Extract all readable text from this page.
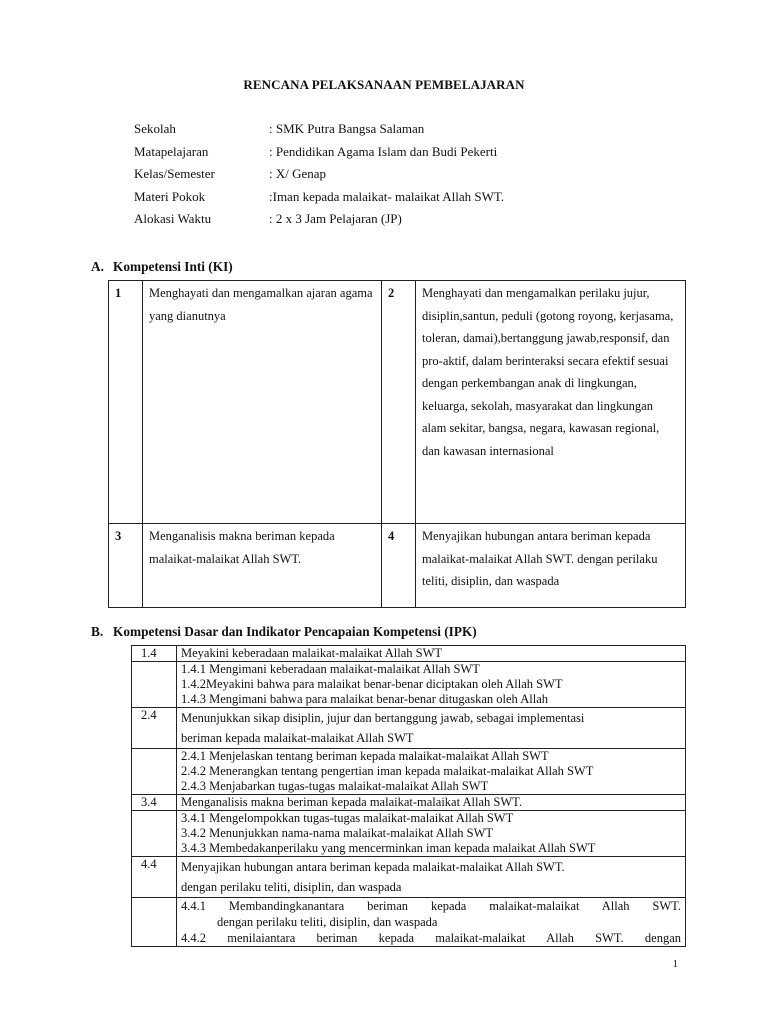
RENCANA PELAKSANAAN PEMBELAJARAN
Sekolah	: SMK Putra Bangsa Salaman
Matapelajaran	: Pendidikan Agama Islam dan Budi Pekerti
Kelas/Semester	: X/ Genap
Materi Pokok	:Iman kepada malaikat- malaikat Allah SWT.
Alokasi Waktu	: 2 x 3 Jam Pelajaran (JP)
A. Kompetensi Inti (KI)
1	Menghayati dan mengamalkan ajaran agama yang dianutnya	2	Menghayati dan mengamalkan perilaku jujur, disiplin,santun, peduli (gotong royong, kerjasama, toleran, damai),bertanggung jawab,responsif, dan pro-aktif, dalam berinteraksi secara efektif sesuai dengan perkembangan anak di lingkungan, keluarga, sekolah, masyarakat dan lingkungan alam sekitar, bangsa, negara, kawasan regional, dan kawasan internasional
3	Menganalisis makna beriman kepada malaikat-malaikat Allah SWT.	4	Menyajikan hubungan antara beriman kepada malaikat-malaikat Allah SWT. dengan perilaku teliti, disiplin, dan waspada
B. Kompetensi Dasar dan Indikator Pencapaian Kompetensi (IPK)
1.4	Meyakini keberadaan malaikat-malaikat Allah SWT

	1.4.1 Mengimani keberadaan malaikat-malaikat Allah SWT
1.4.2Meyakini bahwa para malaikat benar-benar diciptakan oleh Allah SWT
1.4.3 Mengimani bahwa para malaikat benar-benar ditugaskan oleh Allah

2.4	Menunjukkan sikap disiplin, jujur dan bertanggung jawab, sebagai implementasi
beriman kepada malaikat-malaikat Allah SWT

	2.4.1 Menjelaskan tentang beriman kepada malaikat-malaikat Allah SWT
2.4.2 Menerangkan tentang pengertian iman kepada malaikat-malaikat Allah SWT
2.4.3 Menjabarkan tugas-tugas malaikat-malaikat Allah SWT

3.4	Menganalisis makna beriman kepada malaikat-malaikat Allah SWT.

	3.4.1 Mengelompokkan tugas-tugas malaikat-malaikat Allah SWT
3.4.2 Menunjukkan nama-nama malaikat-malaikat Allah SWT
3.4.3 Membedakanperilaku yang mencerminkan iman kepada malaikat Allah SWT

4.4	Menyajikan hubungan antara beriman kepada malaikat-malaikat Allah SWT.
dengan perilaku teliti, disiplin, dan waspada

	4.4.1 Membandingkanantara beriman kepada malaikat-malaikat Allah SWT.
dengan perilaku teliti, disiplin, dan waspada
4.4.2 menilaiantara beriman kepada malaikat-malaikat Allah SWT. dengan
1
